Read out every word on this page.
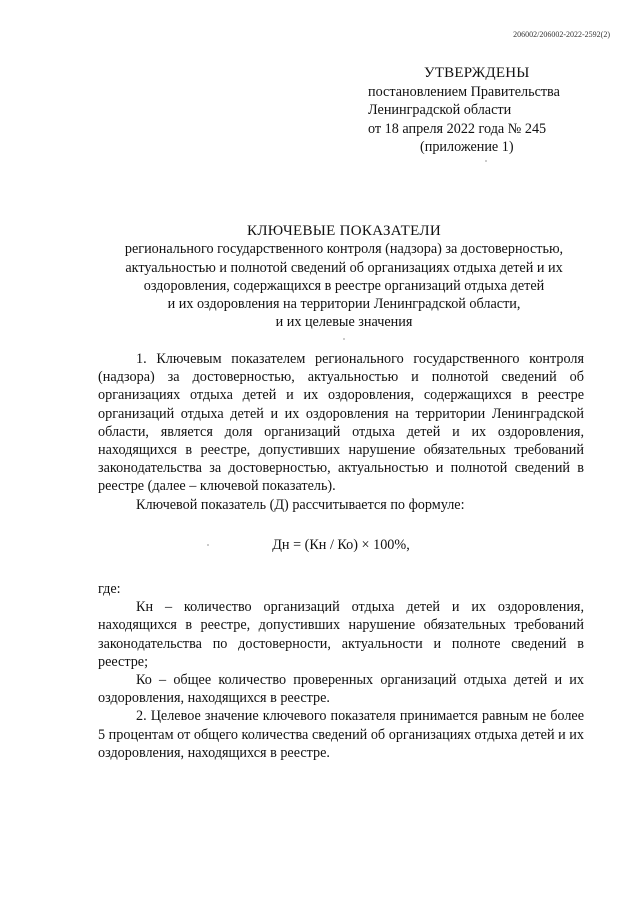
206002/206002-2022-2592(2)
УТВЕРЖДЕНЫ
постановлением Правительства
Ленинградской области
от 18 апреля 2022 года № 245
(приложение 1)
КЛЮЧЕВЫЕ ПОКАЗАТЕЛИ
регионального государственного контроля (надзора) за достоверностью,
актуальностью и полнотой сведений об организациях отдыха детей и их
оздоровления, содержащихся в реестре организаций отдыха детей
и их оздоровления на территории Ленинградской области,
и их целевые значения

1. Ключевым показателем регионального государственного контроля (надзора) за достоверностью, актуальностью и полнотой сведений об организациях отдыха детей и их оздоровления, содержащихся в реестре организаций отдыха детей и их оздоровления на территории Ленинградской области, является доля организаций отдыха детей и их оздоровления, находящихся в реестре, допустивших нарушение обязательных требований законодательства за достоверностью, актуальностью и полнотой сведений в реестре (далее – ключевой показатель).

Ключевой показатель (Д) рассчитывается по формуле:

Дн = (Кн / Ко) × 100%,

где:

Кн – количество организаций отдыха детей и их оздоровления, находящихся в реестре, допустивших нарушение обязательных требований законодательства по достоверности, актуальности и полноте сведений в реестре;

Ко – общее количество проверенных организаций отдыха детей и их оздоровления, находящихся в реестре.

2. Целевое значение ключевого показателя принимается равным не более 5 процентам от общего количества сведений об организациях отдыха детей и их оздоровления, находящихся в реестре.
